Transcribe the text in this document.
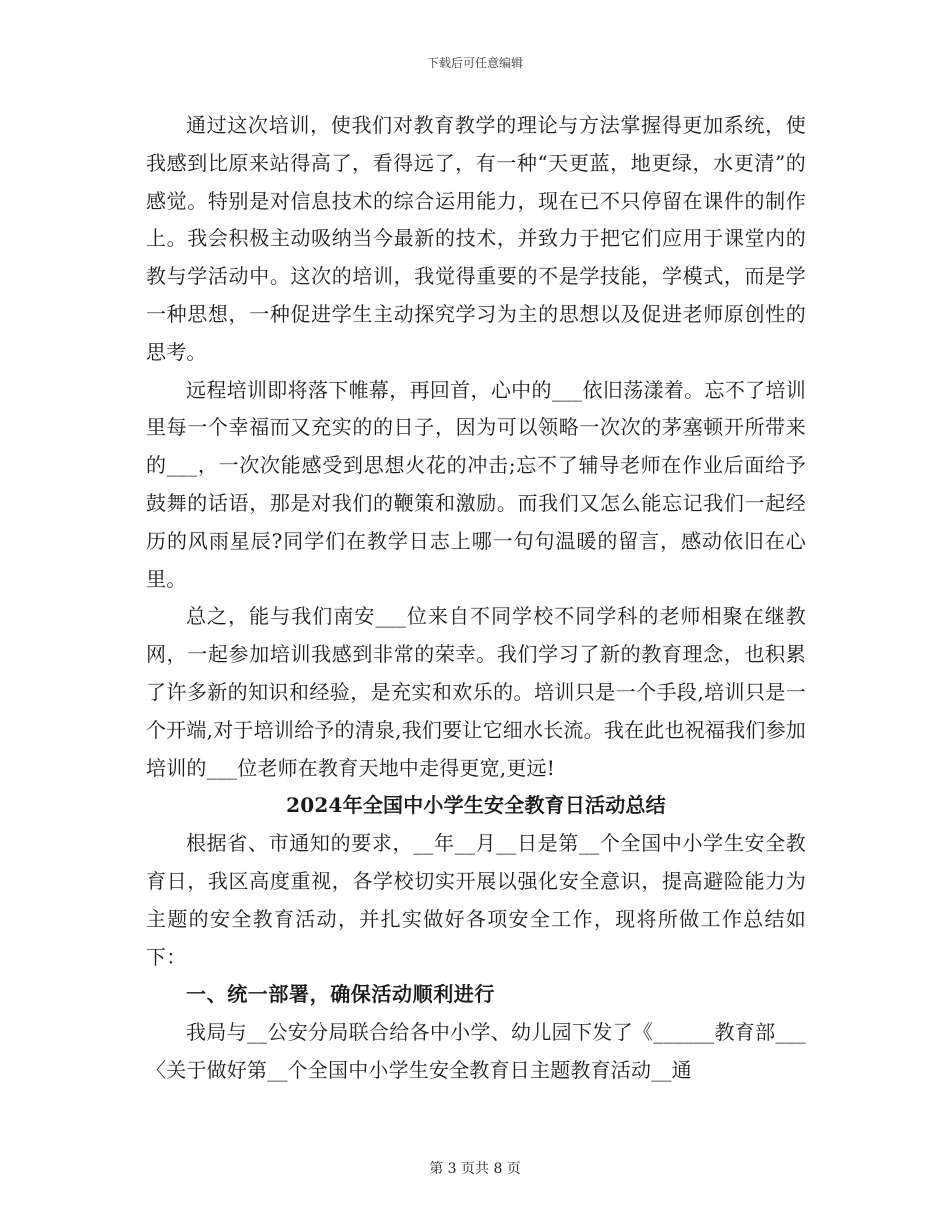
下载后可任意编辑

通过这次培训，使我们对教育教学的理论与方法掌握得更加系统，使我感到比原来站得高了，看得远了，有一种“天更蓝，地更绿，水更清”的感觉。特别是对信息技术的综合运用能力，现在已不只停留在课件的制作上。我会积极主动吸纳当今最新的技术，并致力于把它们应用于课堂内的教与学活动中。这次的培训，我觉得重要的不是学技能，学模式，而是学一种思想，一种促进学生主动探究学习为主的思想以及促进老师原创性的思考。

远程培训即将落下帷幕，再回首，心中的___依旧荡漾着。忘不了培训里每一个幸福而又充实的的日子，因为可以领略一次次的茅塞顿开所带来的___，一次次能感受到思想火花的冲击;忘不了辅导老师在作业后面给予鼓舞的话语，那是对我们的鞭策和激励。而我们又怎么能忘记我们一起经历的风雨星辰?同学们在教学日志上哪一句句温暖的留言，感动依旧在心里。

总之，能与我们南安___位来自不同学校不同学科的老师相聚在继教网，一起参加培训我感到非常的荣幸。我们学习了新的教育理念，也积累了许多新的知识和经验，是充实和欢乐的。培训只是一个手段,培训只是一个开端,对于培训给予的清泉,我们要让它细水长流。我在此也祝福我们参加培训的___位老师在教育天地中走得更宽,更远!

2024年全国中小学生安全教育日活动总结

根据省、市通知的要求，__年__月__日是第__个全国中小学生安全教育日，我区高度重视，各学校切实开展以强化安全意识，提高避险能力为主题的安全教育活动，并扎实做好各项安全工作，现将所做工作总结如下：

一、统一部署，确保活动顺利进行

我局与__公安分局联合给各中小学、幼儿园下发了《______教育部___〈关于做好第__个全国中小学生安全教育日主题教育活动__通

第 3 页共 8 页
